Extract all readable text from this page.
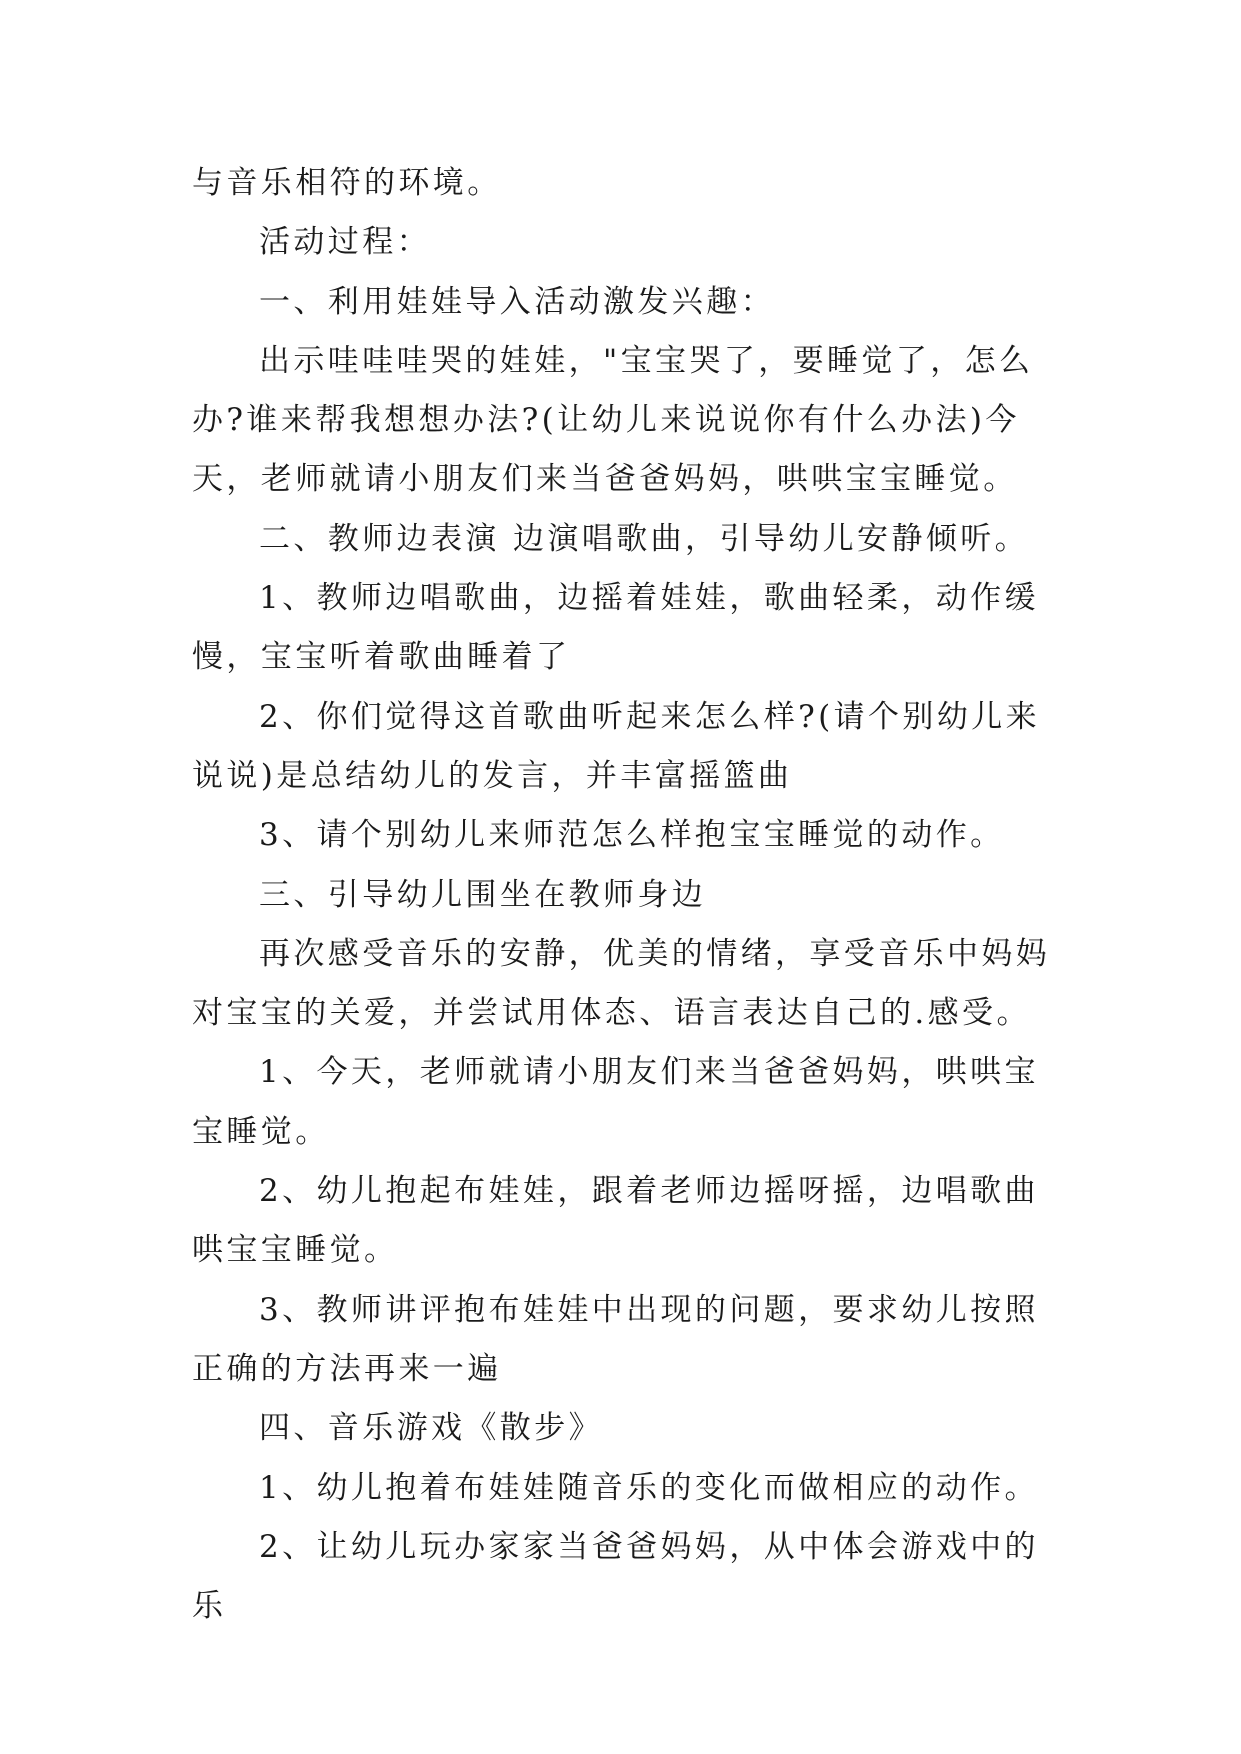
与音乐相符的环境。

活动过程：

一、利用娃娃导入活动激发兴趣：

出示哇哇哇哭的娃娃，"宝宝哭了，要睡觉了，怎么办?谁来帮我想想办法?(让幼儿来说说你有什么办法)今天，老师就请小朋友们来当爸爸妈妈，哄哄宝宝睡觉。

二、教师边表演 边演唱歌曲，引导幼儿安静倾听。

1、教师边唱歌曲，边摇着娃娃，歌曲轻柔，动作缓慢，宝宝听着歌曲睡着了

2、你们觉得这首歌曲听起来怎么样?(请个别幼儿来说说)是总结幼儿的发言，并丰富摇篮曲

3、请个别幼儿来师范怎么样抱宝宝睡觉的动作。

三、引导幼儿围坐在教师身边

再次感受音乐的安静，优美的情绪，享受音乐中妈妈对宝宝的关爱，并尝试用体态、语言表达自己的.感受。

1、今天，老师就请小朋友们来当爸爸妈妈，哄哄宝宝睡觉。

2、幼儿抱起布娃娃，跟着老师边摇呀摇，边唱歌曲哄宝宝睡觉。

3、教师讲评抱布娃娃中出现的问题，要求幼儿按照正确的方法再来一遍

四、音乐游戏《散步》

1、幼儿抱着布娃娃随音乐的变化而做相应的动作。

2、让幼儿玩办家家当爸爸妈妈，从中体会游戏中的乐
